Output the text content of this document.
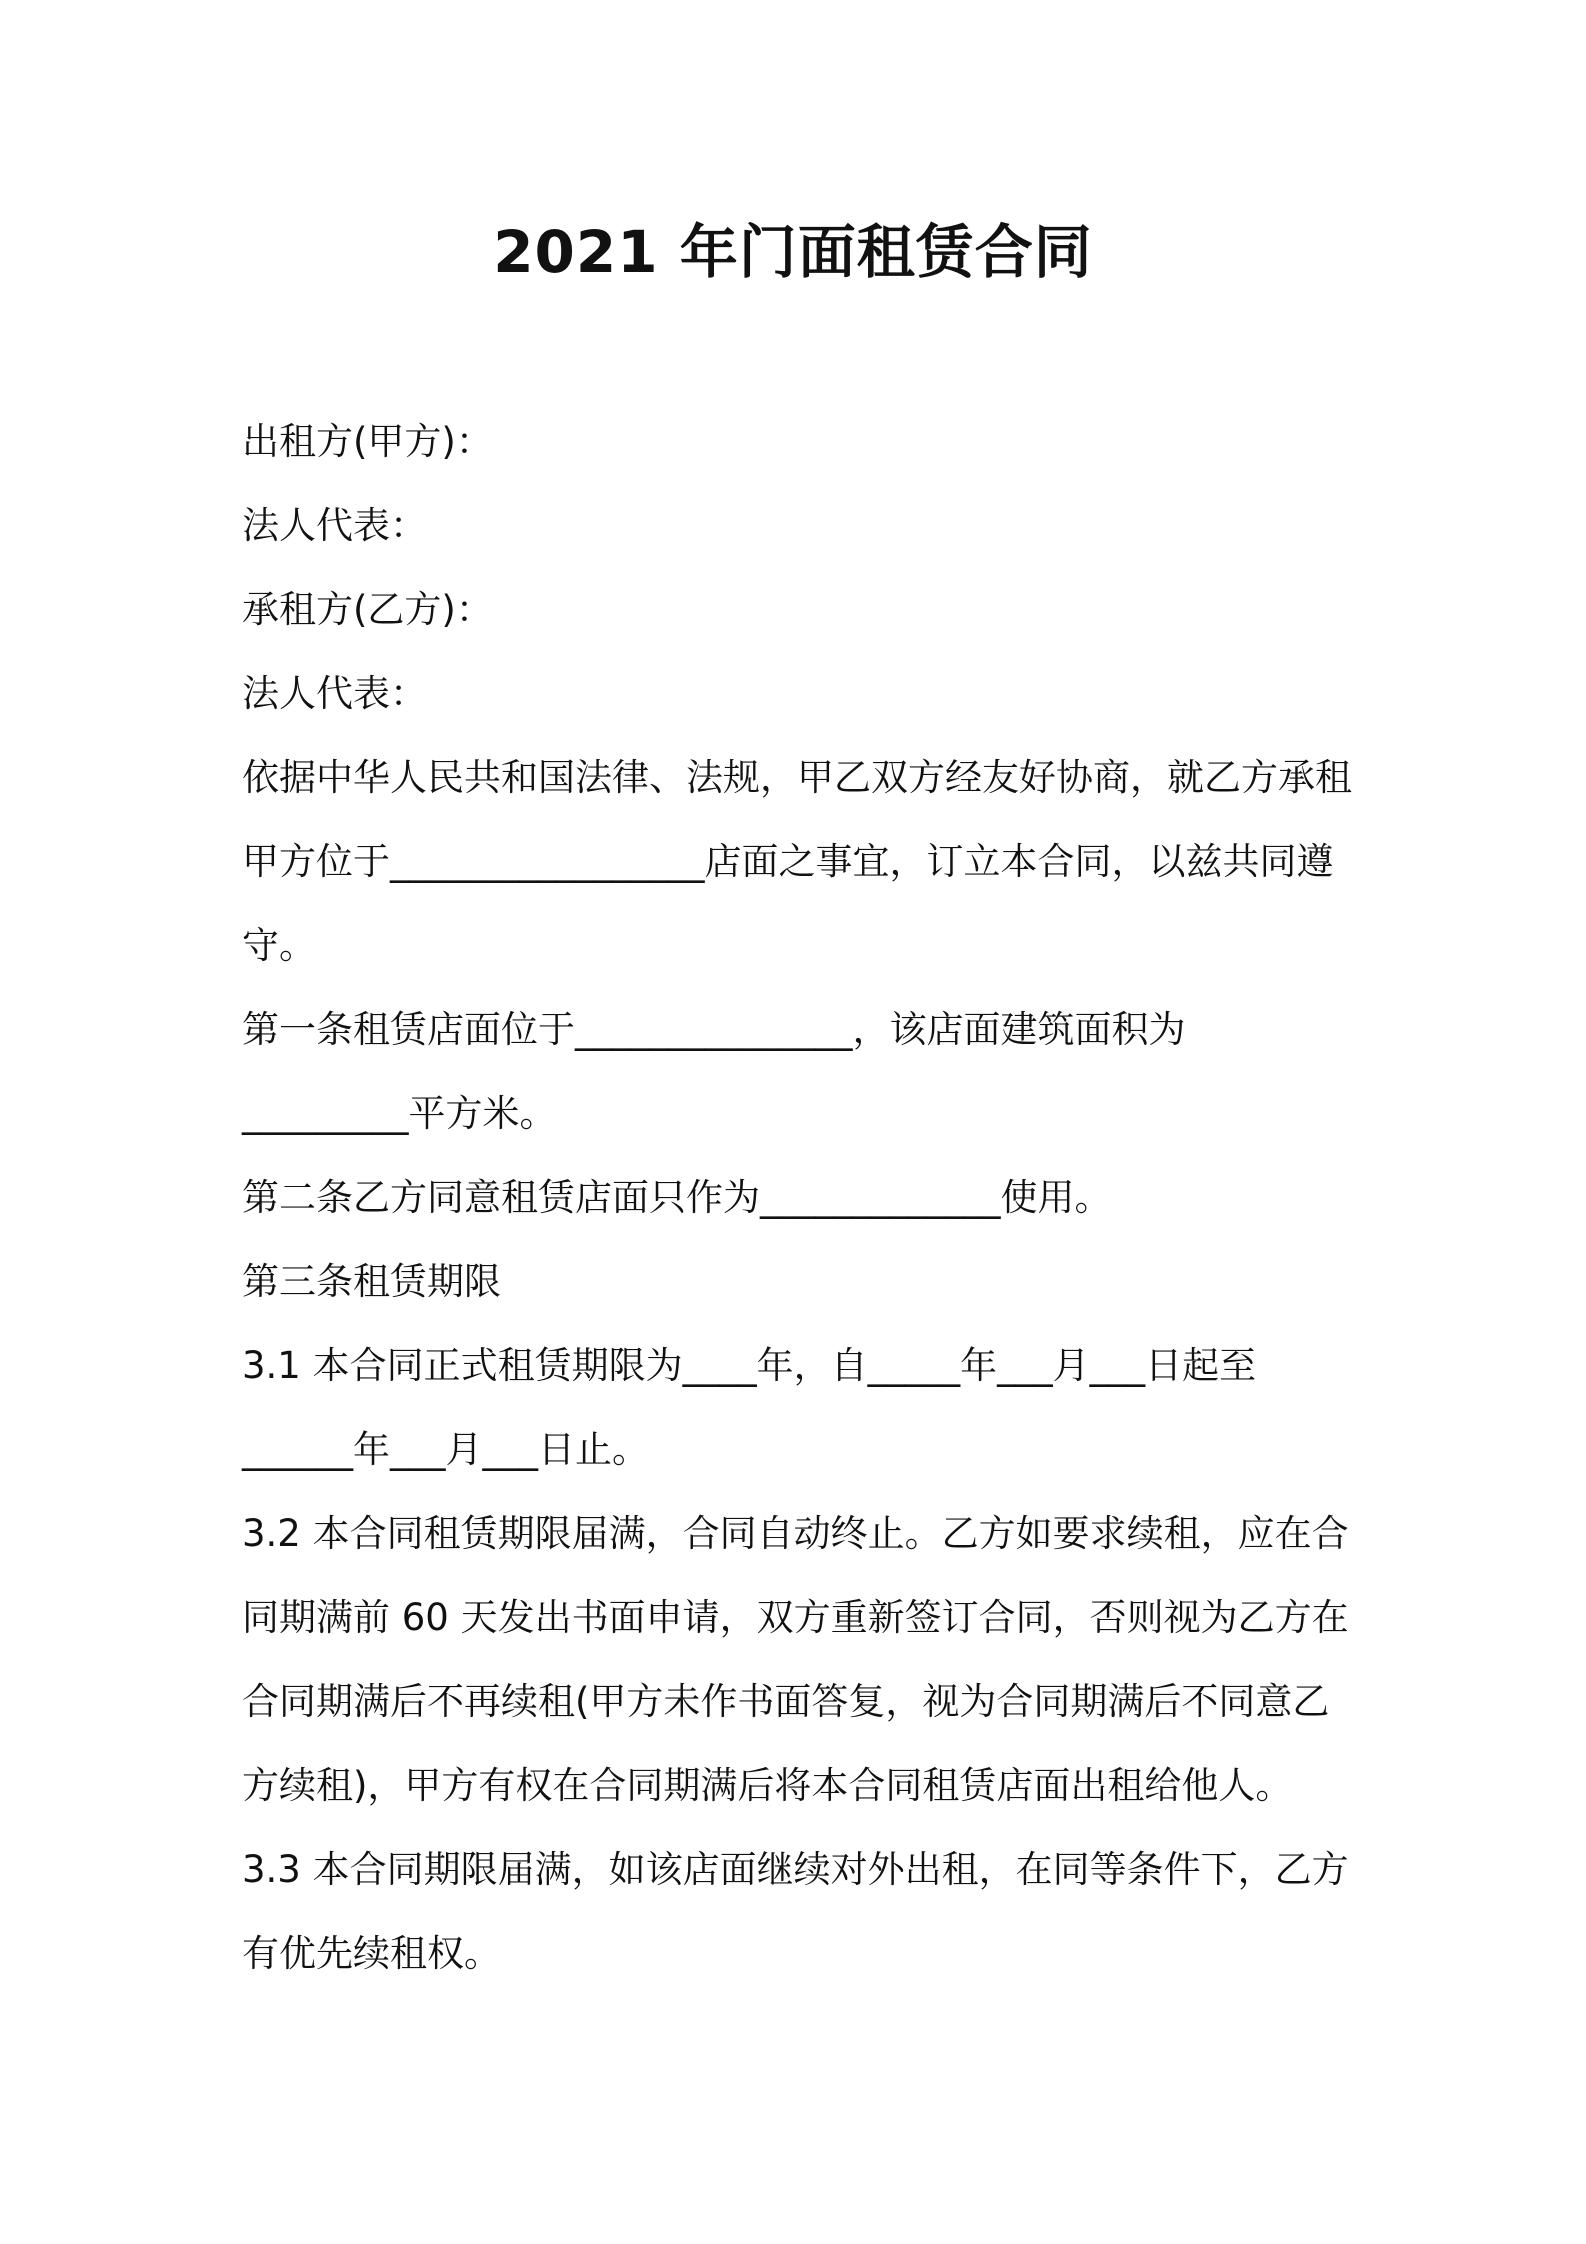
2021 年门面租赁合同
出租方(甲方)：
法人代表：
承租方(乙方)：
法人代表：
依据中华人民共和国法律、法规，甲乙双方经友好协商，就乙方承租
甲方位于_________________店面之事宜，订立本合同，以兹共同遵
守。
第一条租赁店面位于_______________，该店面建筑面积为
_________平方米。
第二条乙方同意租赁店面只作为_____________使用。
第三条租赁期限
3.1 本合同正式租赁期限为____年，自_____年___月___日起至
______年___月___日止。
3.2 本合同租赁期限届满，合同自动终止。乙方如要求续租，应在合
同期满前 60 天发出书面申请，双方重新签订合同，否则视为乙方在
合同期满后不再续租(甲方未作书面答复，视为合同期满后不同意乙
方续租)，甲方有权在合同期满后将本合同租赁店面出租给他人。
3.3 本合同期限届满，如该店面继续对外出租，在同等条件下，乙方
有优先续租权。
